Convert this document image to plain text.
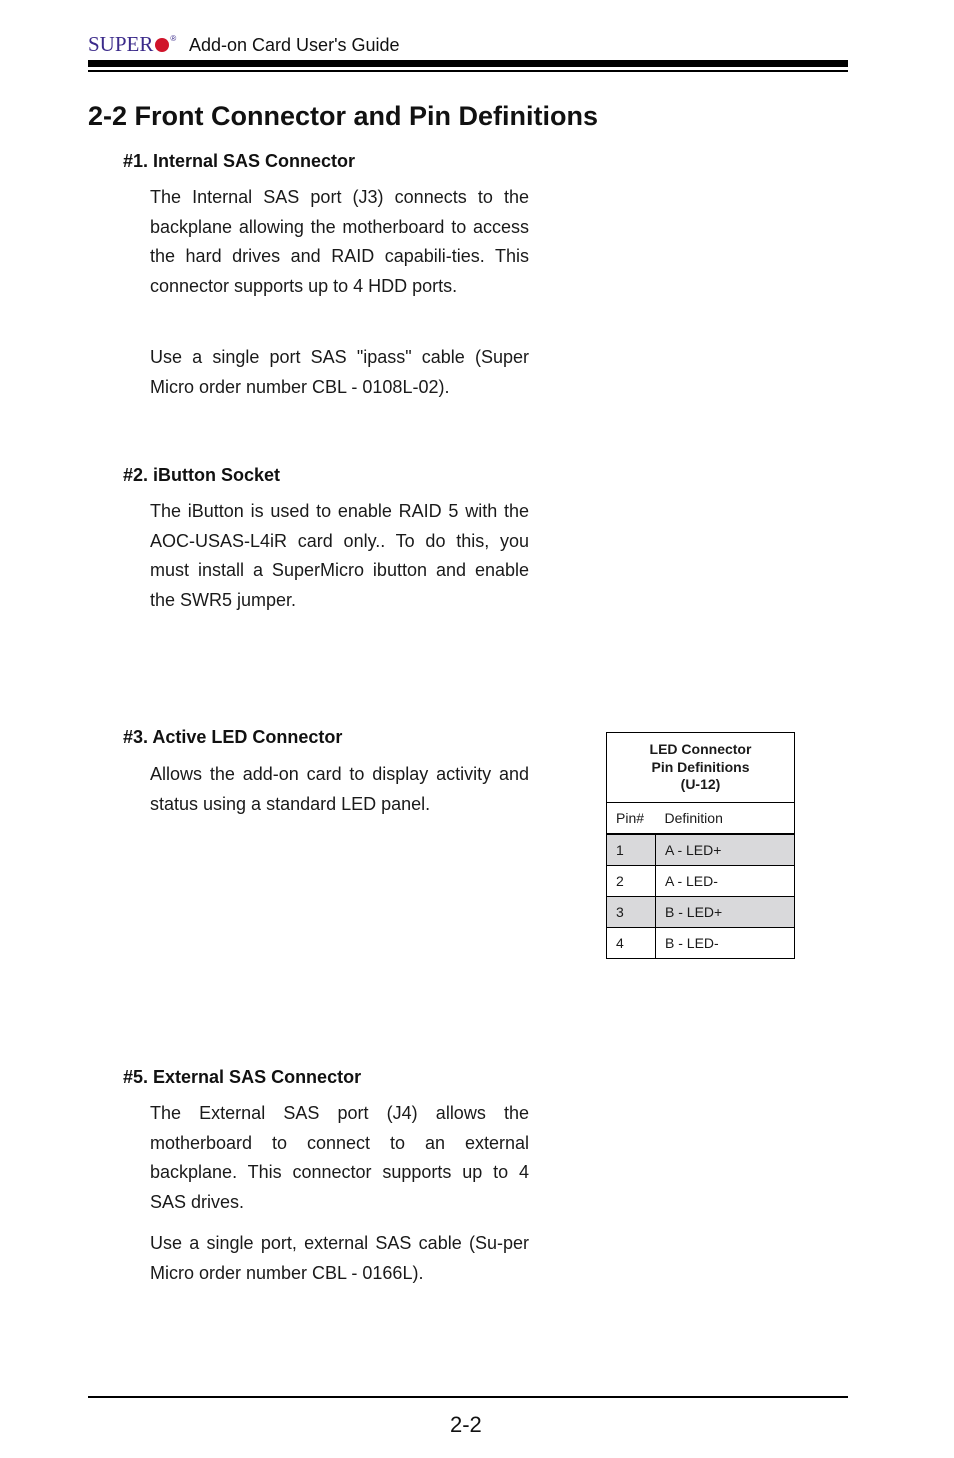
SUPER ® Add-on Card User's Guide
2-2 Front Connector and Pin Definitions
#1. Internal SAS Connector

The Internal SAS port (J3) connects to the backplane allowing the motherboard to access the hard drives and RAID capabili-ties. This connector supports up to 4 HDD ports.

Use a single port SAS "ipass" cable (Super Micro order number CBL - 0108L-02).

#2. iButton Socket

The iButton is used to enable RAID 5 with the AOC-USAS-L4iR card only.. To do this, you must install a SuperMicro ibutton and enable the SWR5 jumper.

#3. Active LED Connector

Allows the add-on card to display activity and status using a standard LED panel.

LED Connector
Pin Definitions
(U-12)	

Pin#	Definition
1	A - LED+
2	A - LED-
3	B - LED+
4	B - LED-
#5. External SAS Connector

The External SAS port (J4) allows the motherboard to connect to an external backplane. This connector supports up to 4 SAS drives.

Use a single port, external SAS cable (Su-per Micro order number CBL - 0166L).

2-2
